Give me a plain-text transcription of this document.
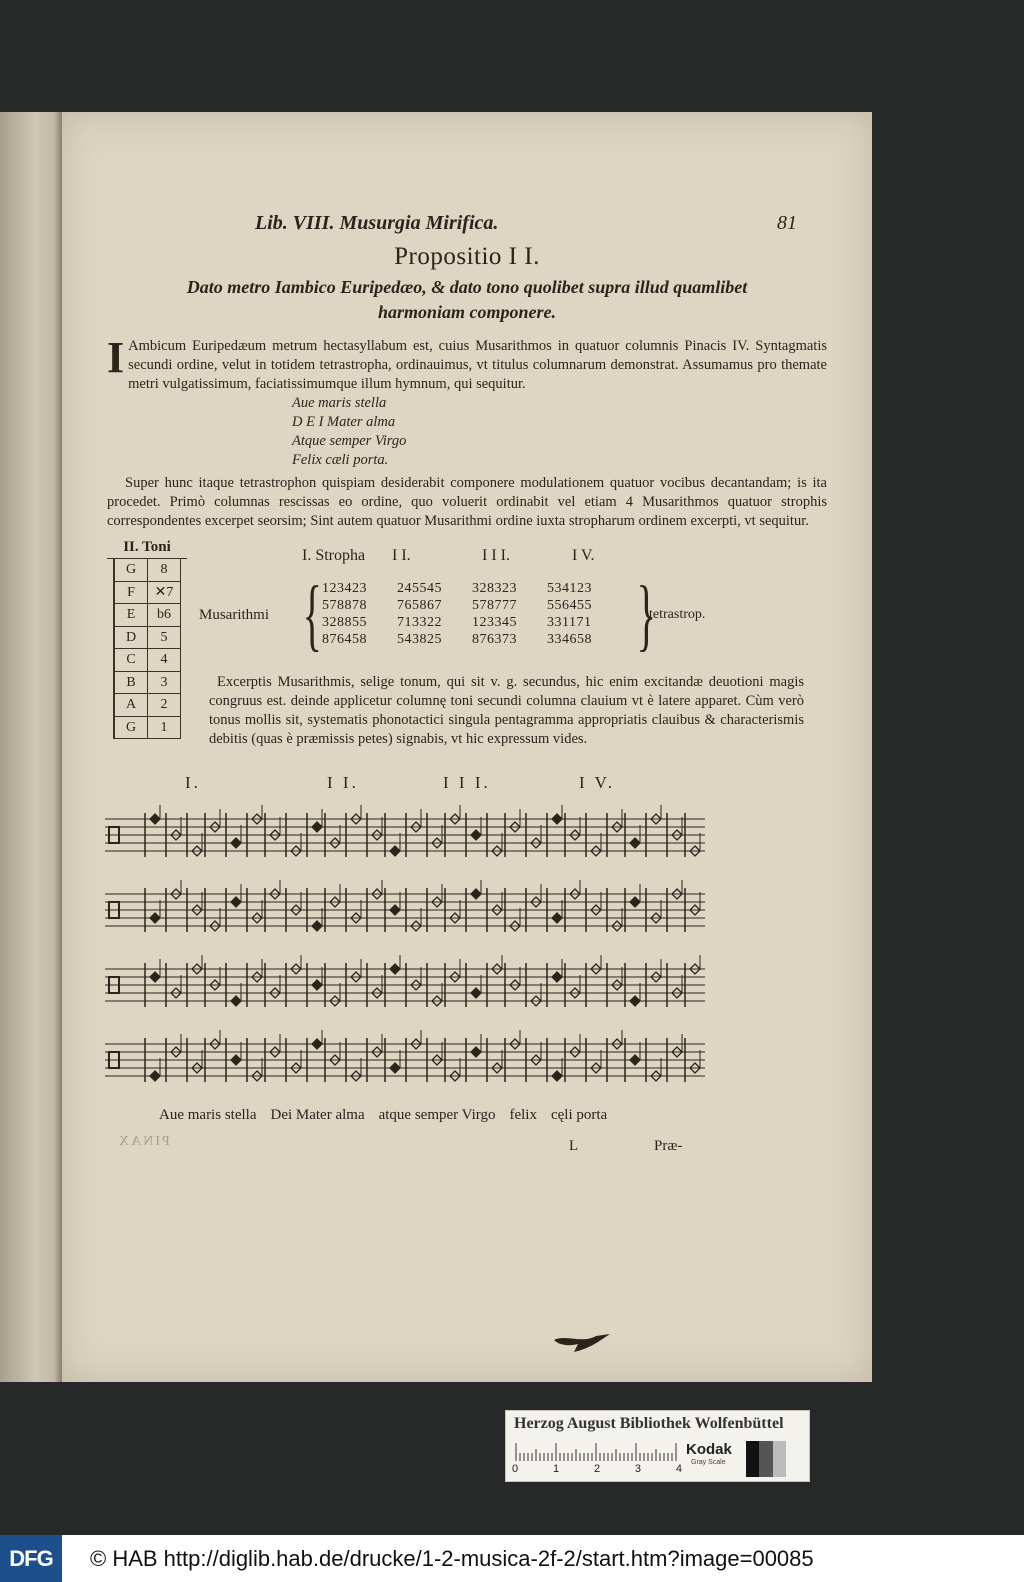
Lib. VIII. Musurgia Mirifica.	81
Propositio I I.
Dato metro Iambico Euripedæo, & dato tono quolibet supra illud quamlibet harmoniam componere.
I Ambicum Euripedæum metrum hectasyllabum est, cuius Musarithmos in quatuor columnis Pinacis IV. Syntagmatis secundi ordine, velut in totidem tetrastropha, ordinauimus, vt titulus columnarum demonstrat. Assumamus pro themate metri vulgatissimum, faciatissimumque illum hymnum, qui sequitur.
Aue maris stella
D E I Mater alma
Atque semper Virgo
Felix cæli porta.
Super hunc itaque tetrastrophon quispiam desiderabit componere modulationem quatuor vocibus decantandam; is ita procedet. Primò columnas rescissas eo ordine, quo voluerit ordinabit vel etiam 4 Musarithmos quatuor strophis correspondentes excerpet seorsim; Sint autem quatuor Musarithmi ordine iuxta stropharum ordinem excerpti, vt sequitur.
II. Toni
G	8
F	✕7
E	b6
D	5
C	4
B	3
A	2
G	1
I. Stropha	I I.	I I I.	I V.
Musarithmi {	}
tetrastrop.
123423	245545	328323	534123
578878	765867	578777	556455
328855	713322	123345	331171
876458	543825	876373	334658
Excerptis Musarithmis, selige tonum, qui sit v. g. secundus, hic enim excitandæ deuotioni magis congruus est. deinde applicetur columnę toni secundi columna clauium vt è latere apparet. Cùm verò tonus mollis sit, systematis phonotactici singula pentagramma appropriatis clauibus & characterismis debitis (quas è præmissis petes) signabis, vt hic expressum vides.
I.	I I.	I I I.	I V.
Aue maris stella Dei Mater alma atque semper Virgo felix cęli porta
PINAX	L	Præ-
Herzog August Bibliothek Wolfenbüttel
0	1	2	3	4
Kodak
Gray Scale
DFG	© HAB http://diglib.hab.de/drucke/1-2-musica-2f-2/start.htm?image=00085
